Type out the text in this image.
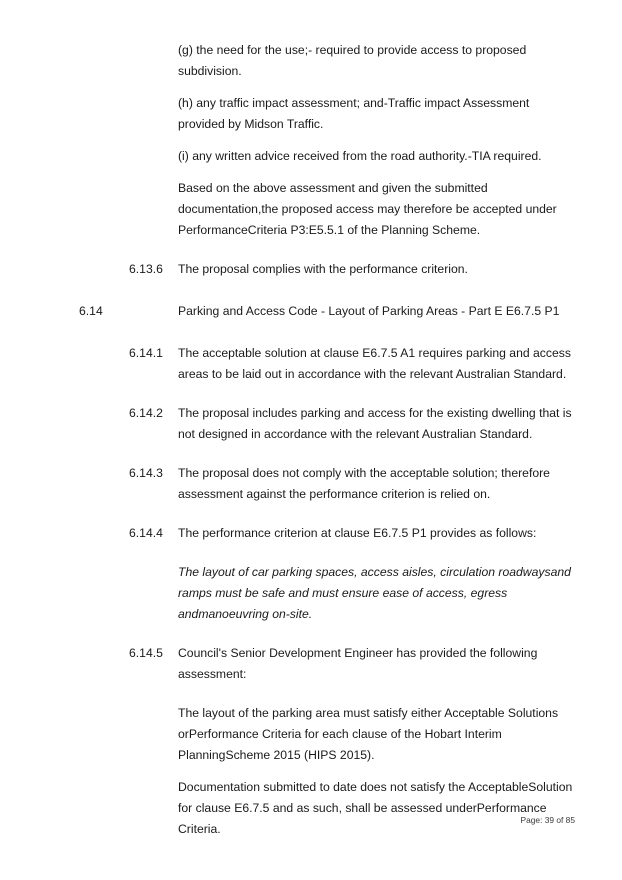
(g) the need for the use;- required to provide access to proposed subdivision.
(h) any traffic impact assessment; and-Traffic impact Assessment provided by Midson Traffic.
(i) any written advice received from the road authority.-TIA required.
Based on the above assessment and given the submitted documentation,the proposed access may therefore be accepted under PerformanceCriteria P3:E5.5.1 of the Planning Scheme.
6.13.6 The proposal complies with the performance criterion.
6.14	Parking and Access Code - Layout of Parking Areas - Part E E6.7.5 P1
6.14.1 The acceptable solution at clause E6.7.5 A1 requires parking and access
areas to be laid out in accordance with the relevant Australian Standard.
6.14.2 The proposal includes parking and access for the existing dwelling that is
not designed in accordance with the relevant Australian Standard.
6.14.3 The proposal does not comply with the acceptable solution; therefore
assessment against the performance criterion is relied on.
6.14.4 The performance criterion at clause E6.7.5 P1 provides as follows:
The layout of car parking spaces, access aisles, circulation roadwaysand ramps must be safe and must ensure ease of access, egress andmanoeuvring on-site.
6.14.5 Council's Senior Development Engineer has provided the following
assessment:
The layout of the parking area must satisfy either Acceptable Solutions orPerformance Criteria for each clause of the Hobart Interim PlanningScheme 2015 (HIPS 2015).
Documentation submitted to date does not satisfy the AcceptableSolution for clause E6.7.5 and as such, shall be assessed underPerformance Criteria.
Page: 39 of 85
